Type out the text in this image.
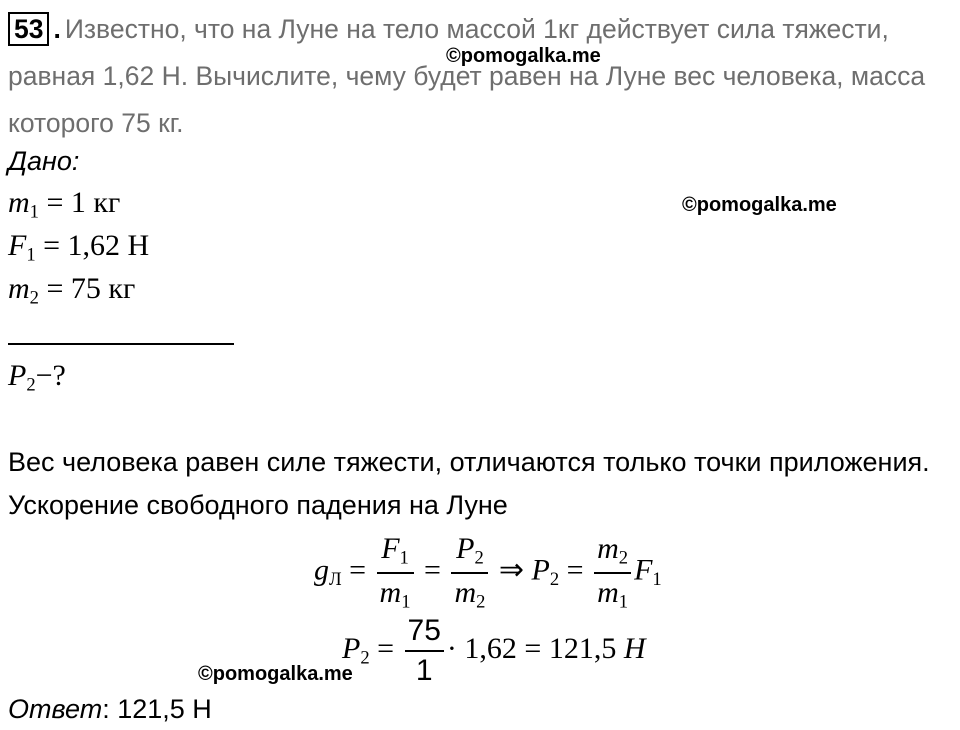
53 . Известно, что на Луне на тело массой 1кг действует сила тяжести, равная 1,62 Н. Вычислите, чему будет равен на Луне вес человека, масса которого 75 кг.
©pomogalka.me
©pomogalka.me
©pomogalka.me
Дано:
$m_1 = 1$ кг
$F_1 = 1,62$ Н
$m_2 = 75$ кг
$P_2-$?
Вес человека равен силе тяжести, отличаются только точки приложения.
Ускорение свободного падения на Луне
$g_Л = \frac{F_1}{m_1} = \frac{P_2}{m_2}$ ⇒ $P_2 = \frac{m_2}{m_1} F_1$
$P_2 = \frac{75}{1} \cdot 1,62 = 121,5$ Н
Ответ: 121,5 Н
